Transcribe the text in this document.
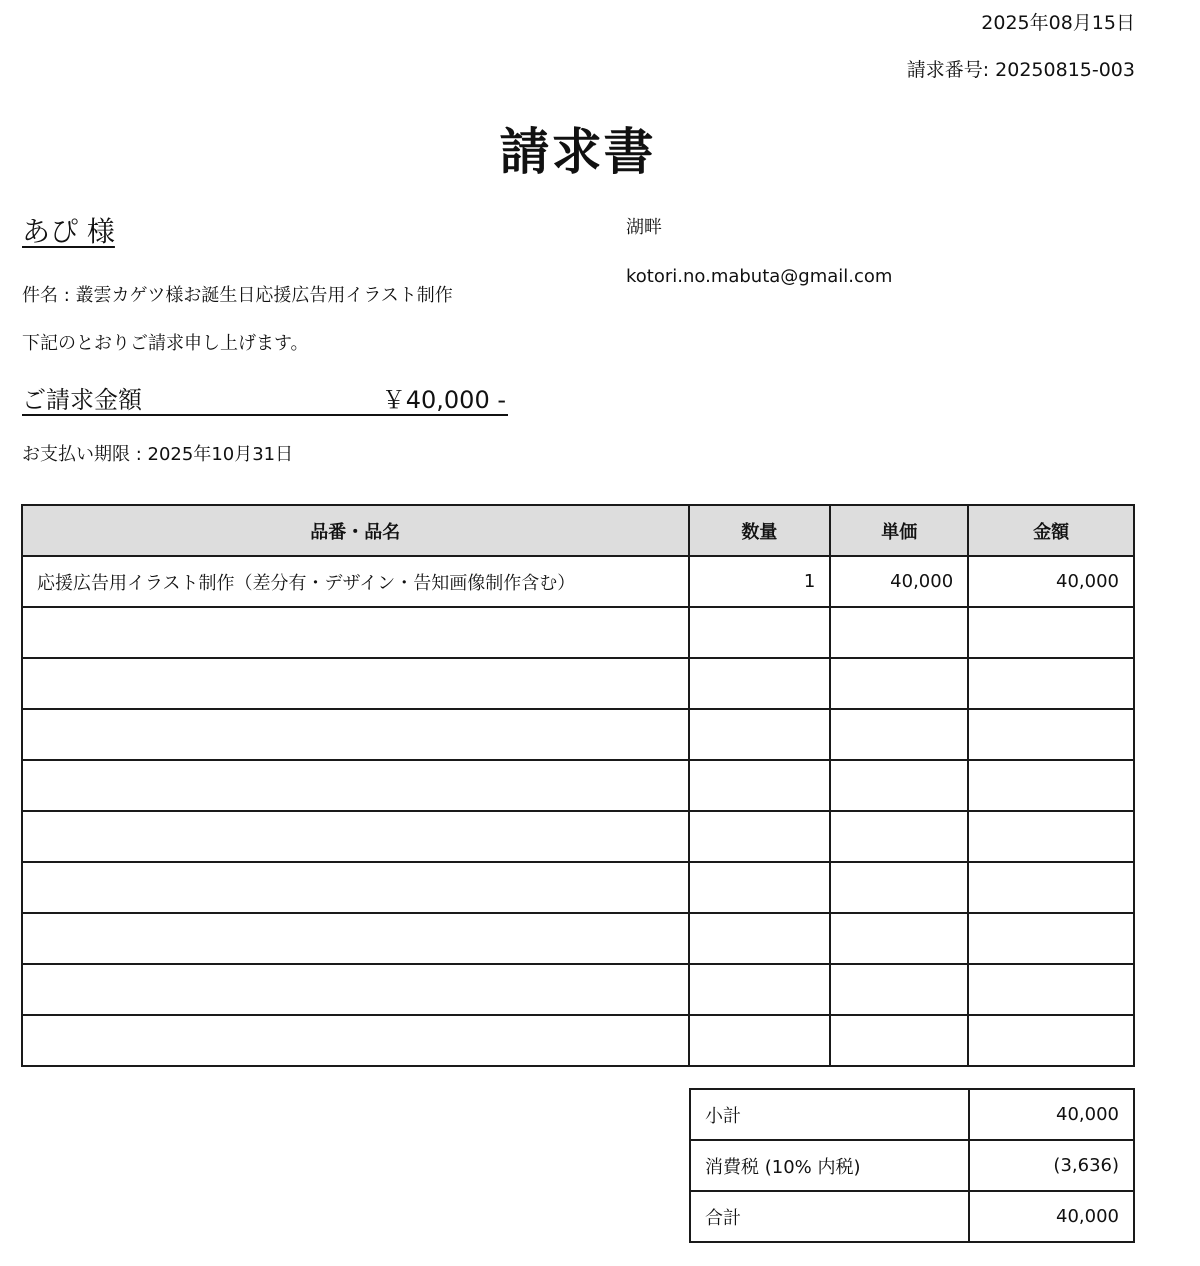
2025年08月15日
請求番号: 20250815-003
請求書
あぴ 様
件名 : 叢雲カゲツ様お誕生日応援広告用イラスト制作
下記のとおりご請求申し上げます。
ご請求金額	￥40,000 -
お支払い期限 : 2025年10月31日
湖畔
kotori.no.mabuta@gmail.com
品番・品名	数量	単価	金額
応援広告用イラスト制作（差分有・デザイン・告知画像制作含む）	1	40,000	40,000

小計	40,000
消費税 (10% 内税)	(3,636)
合計	40,000
